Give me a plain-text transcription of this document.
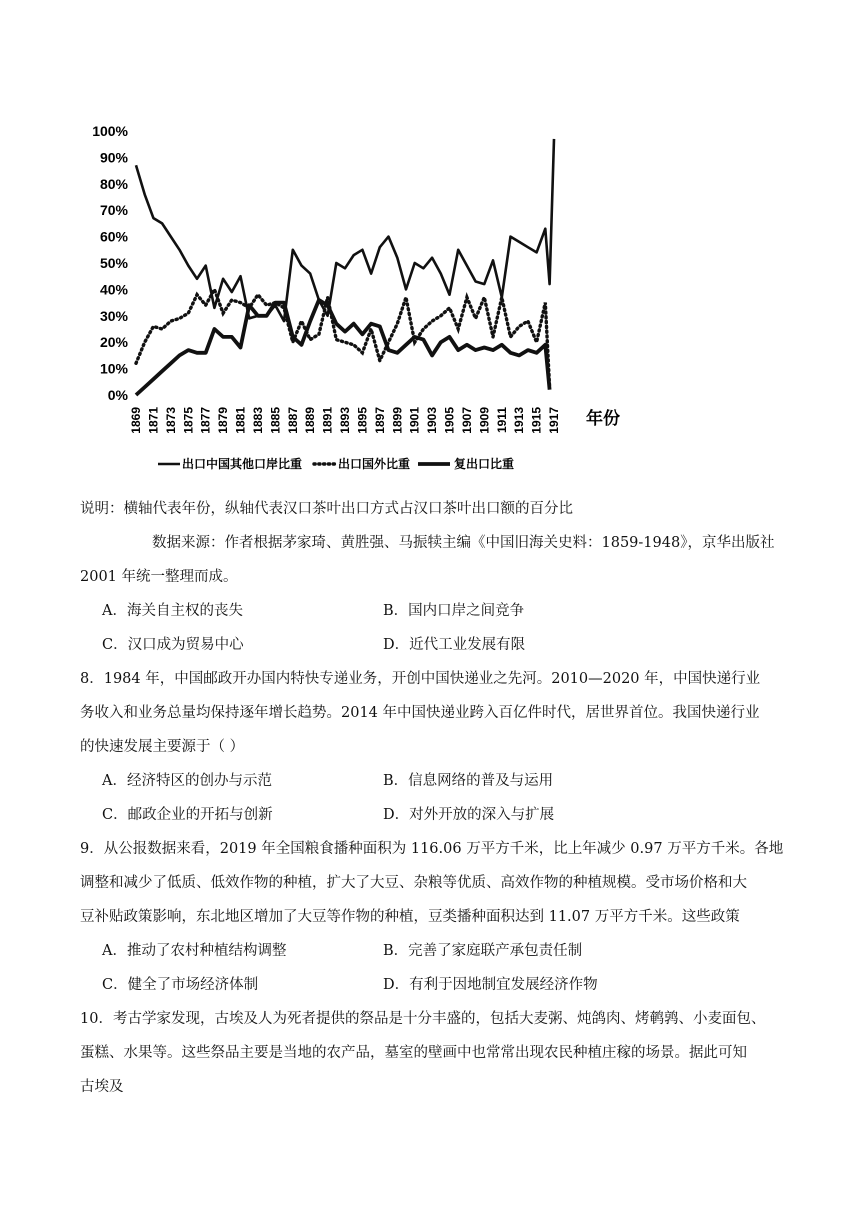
0%
10%
20%
30%
40%
50%
60%
70%
80%
90%
100%
1869 1871 1873 1875 1877 1879 1881 1883 1885 1887 1889 1891 1893 1895 1897 1899 1901 1903 1905 1907 1909 1911 1913 1915 1917 年份
出口中国其他口岸比重	出口国外比重	复出口比重
说明：横轴代表年份，纵轴代表汉口茶叶出口方式占汉口茶叶出口额的百分比
数据来源：作者根据茅家琦、黄胜强、马振犊主编《中国旧海关史料：1859-1948》，京华出版社
2001 年统一整理而成。
A．海关自主权的丧失	B．国内口岸之间竞争
C．汉口成为贸易中心	D．近代工业发展有限
8．1984 年，中国邮政开办国内特快专递业务，开创中国快递业之先河。2010—2020 年，中国快递行业
务收入和业务总量均保持逐年增长趋势。2014 年中国快递业跨入百亿件时代，居世界首位。我国快递行业
的快速发展主要源于（ ）
A．经济特区的创办与示范	B．信息网络的普及与运用
C．邮政企业的开拓与创新	D．对外开放的深入与扩展
9．从公报数据来看，2019 年全国粮食播种面积为 116.06 万平方千米，比上年减少 0.97 万平方千米。各地
调整和减少了低质、低效作物的种植，扩大了大豆、杂粮等优质、高效作物的种植规模。受市场价格和大
豆补贴政策影响，东北地区增加了大豆等作物的种植，豆类播种面积达到 11.07 万平方千米。这些政策
A．推动了农村种植结构调整	B．完善了家庭联产承包责任制
C．健全了市场经济体制	D．有利于因地制宜发展经济作物
10．考古学家发现，古埃及人为死者提供的祭品是十分丰盛的，包括大麦粥、炖鸽肉、烤鹌鹑、小麦面包、
蛋糕、水果等。这些祭品主要是当地的农产品，墓室的壁画中也常常出现农民种植庄稼的场景。据此可知
古埃及
